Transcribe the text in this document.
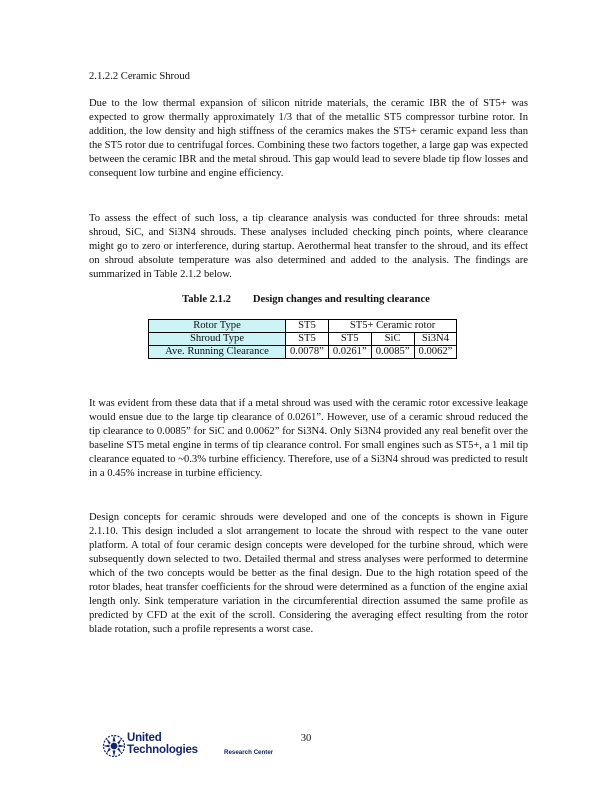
2.1.2.2 Ceramic Shroud

Due to the low thermal expansion of silicon nitride materials, the ceramic IBR the of ST5+ was expected to grow thermally approximately 1/3 that of the metallic ST5 compressor turbine rotor. In addition, the low density and high stiffness of the ceramics makes the ST5+ ceramic expand less than the ST5 rotor due to centrifugal forces. Combining these two factors together, a large gap was expected between the ceramic IBR and the metal shroud. This gap would lead to severe blade tip flow losses and consequent low turbine and engine efficiency.

To assess the effect of such loss, a tip clearance analysis was conducted for three shrouds: metal shroud, SiC, and Si3N4 shrouds. These analyses included checking pinch points, where clearance might go to zero or interference, during startup. Aerothermal heat transfer to the shroud, and its effect on shroud absolute temperature was also determined and added to the analysis. The findings are summarized in Table 2.1.2 below.

Table 2.1.2 Design changes and resulting clearance
Rotor Type	ST5	ST5+ Ceramic rotor		
Shroud Type	ST5	ST5	SiC	Si3N4
Ave. Running Clearance	0.0078”	0.0261”	0.0085”	0.0062”

It was evident from these data that if a metal shroud was used with the ceramic rotor excessive leakage would ensue due to the large tip clearance of 0.0261”. However, use of a ceramic shroud reduced the tip clearance to 0.0085” for SiC and 0.0062” for Si3N4. Only Si3N4 provided any real benefit over the baseline ST5 metal engine in terms of tip clearance control. For small engines such as ST5+, a 1 mil tip clearance equated to ~0.3% turbine efficiency. Therefore, use of a Si3N4 shroud was predicted to result in a 0.45% increase in turbine efficiency.

Design concepts for ceramic shrouds were developed and one of the concepts is shown in Figure 2.1.10. This design included a slot arrangement to locate the shroud with respect to the vane outer platform. A total of four ceramic design concepts were developed for the turbine shroud, which were subsequently down selected to two. Detailed thermal and stress analyses were performed to determine which of the two concepts would be better as the final design. Due to the high rotation speed of the rotor blades, heat transfer coefficients for the shroud were determined as a function of the engine axial length only. Sink temperature variation in the circumferential direction assumed the same profile as predicted by CFD at the exit of the scroll. Considering the averaging effect resulting from the rotor blade rotation, such a profile represents a worst case.

United
Technologies	Research Center
30
